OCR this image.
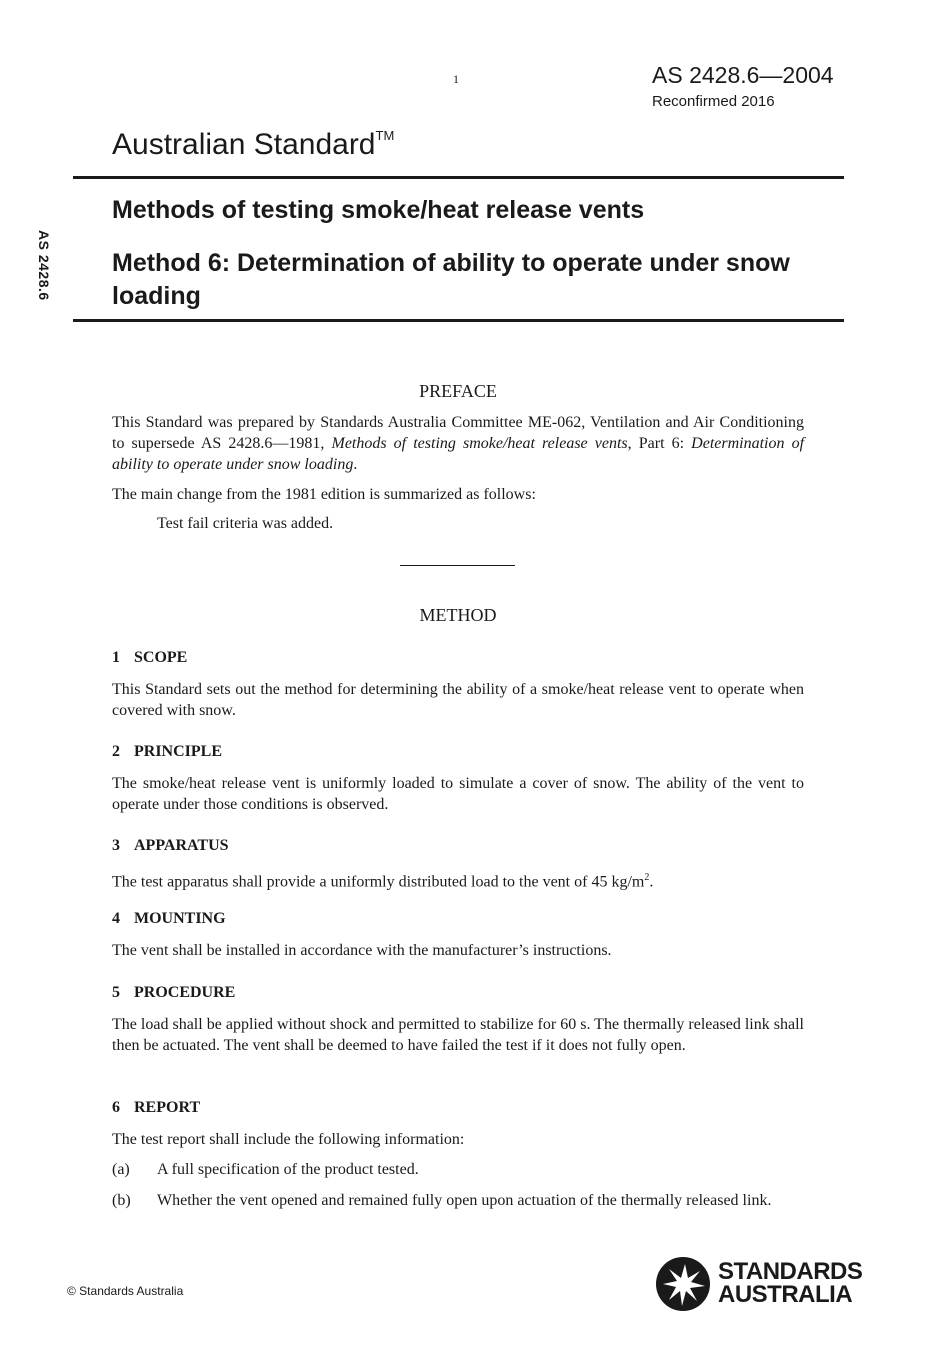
1	AS 2428.6—2004
Reconfirmed 2016
Australian Standard™
AS 2428.6
Methods of testing smoke/heat release vents
Method 6: Determination of ability to operate under snow loading
PREFACE
This Standard was prepared by Standards Australia Committee ME-062, Ventilation and Air Conditioning to supersede AS 2428.6—1981, Methods of testing smoke/heat release vents, Part 6: Determination of ability to operate under snow loading.
The main change from the 1981 edition is summarized as follows:
Test fail criteria was added.
METHOD
1 SCOPE
This Standard sets out the method for determining the ability of a smoke/heat release vent to operate when covered with snow.
2 PRINCIPLE
The smoke/heat release vent is uniformly loaded to simulate a cover of snow. The ability of the vent to operate under those conditions is observed.
3 APPARATUS
The test apparatus shall provide a uniformly distributed load to the vent of 45 $kg/m^2$.
4 MOUNTING
The vent shall be installed in accordance with the manufacturer’s instructions.
5 PROCEDURE
The load shall be applied without shock and permitted to stabilize for 60 s. The thermally released link shall then be actuated. The vent shall be deemed to have failed the test if it does not fully open.
6 REPORT
The test report shall include the following information:
(a) A full specification of the product tested.
(b) Whether the vent opened and remained fully open upon actuation of the thermally released link.
© Standards Australia
STANDARDS
AUSTRALIA
